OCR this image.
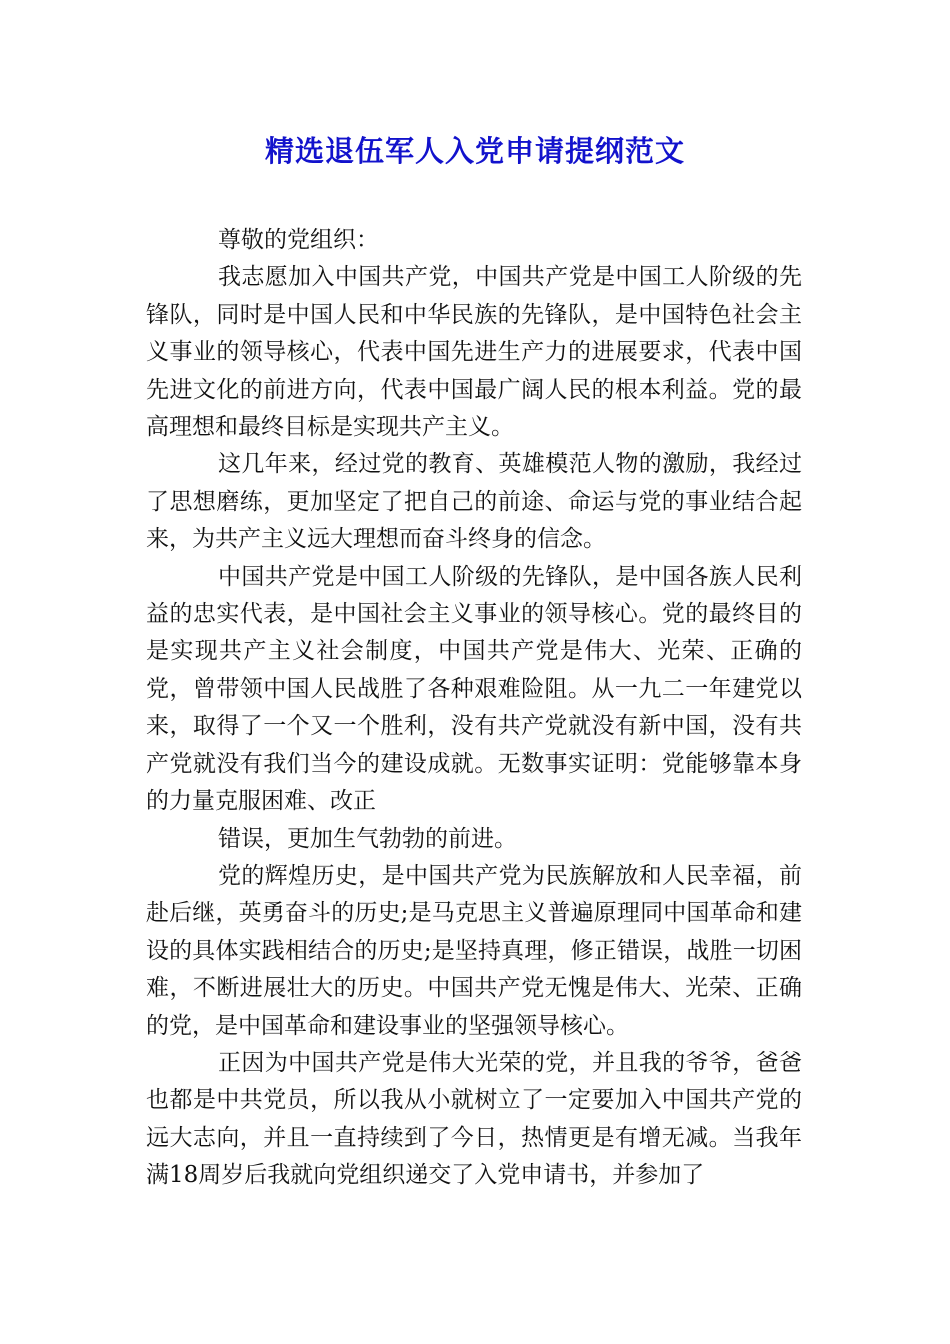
精选退伍军人入党申请提纲范文

尊敬的党组织：

我志愿加入中国共产党，中国共产党是中国工人阶级的先锋队，同时是中国人民和中华民族的先锋队，是中国特色社会主义事业的领导核心，代表中国先进生产力的进展要求，代表中国先进文化的前进方向，代表中国最广阔人民的根本利益。党的最高理想和最终目标是实现共产主义。

这几年来，经过党的教育、英雄模范人物的激励，我经过了思想磨练，更加坚定了把自己的前途、命运与党的事业结合起来，为共产主义远大理想而奋斗终身的信念。

中国共产党是中国工人阶级的先锋队，是中国各族人民利益的忠实代表，是中国社会主义事业的领导核心。党的最终目的是实现共产主义社会制度，中国共产党是伟大、光荣、正确的党，曾带领中国人民战胜了各种艰难险阻。从一九二一年建党以来，取得了一个又一个胜利，没有共产党就没有新中国，没有共产党就没有我们当今的建设成就。无数事实证明：党能够靠本身的力量克服困难、改正

错误，更加生气勃勃的前进。

党的辉煌历史，是中国共产党为民族解放和人民幸福，前赴后继，英勇奋斗的历史;是马克思主义普遍原理同中国革命和建设的具体实践相结合的历史;是坚持真理，修正错误，战胜一切困难，不断进展壮大的历史。中国共产党无愧是伟大、光荣、正确的党，是中国革命和建设事业的坚强领导核心。

正因为中国共产党是伟大光荣的党，并且我的爷爷，爸爸也都是中共党员，所以我从小就树立了一定要加入中国共产党的远大志向，并且一直持续到了今日，热情更是有增无减。当我年满18周岁后我就向党组织递交了入党申请书，并参加了
